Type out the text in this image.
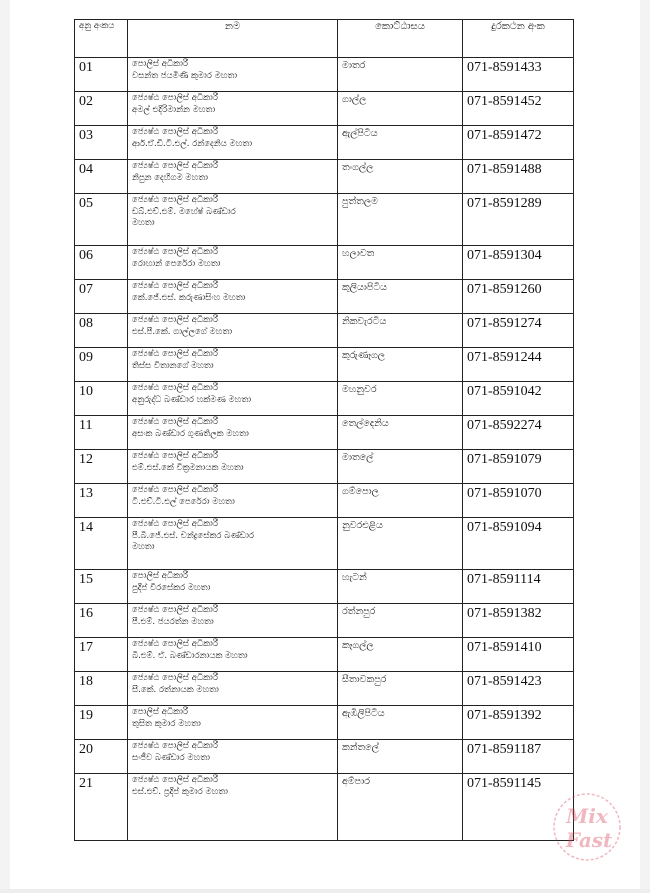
අනු අංකය	නම	කොට්ඨාසය	දුරකථන අංක

01	පොලිස් අධිකාරී
වසන්ත ජයමිණි කුමාර මහතා	මාතර	071-8591433
02	ජ්‍යෙෂ්ඨ පොලිස් අධිකාරී
අමල් එදිරිමාන්න මහතා	ගාල්ල	071-8591452
03	ජ්‍යෙෂ්ඨ පොලිස් අධිකාරී
ආර්.ඒ.ඩී.ටී.එල්. රන්දෙනිය මහතා	ඇල්පිටිය	071-8591472
04	ජ්‍යෙෂ්ඨ පොලිස් අධිකාරී
නිපුන දෙහිගම මහතා	තංගල්ල	071-8591488
05	ජ්‍යෙෂ්ඨ පොලිස් අධිකාරී
ඩබ්.එච්.එම්. මහේෂ් බණ්ඩාර
මහතා	පුත්තලම	071-8591289
06	ජ්‍යෙෂ්ඨ පොලිස් අධිකාරී
රොහාන් පෙරේරා මහතා	හලාවත	071-8591304
07	ජ්‍යෙෂ්ඨ පොලිස් අධිකාරී
කේ.ජේ.එස්. කරුණාසිංහ මහතා	කුලියාපිටිය	071-8591260
08	ජ්‍යෙෂ්ඨ පොලිස් අධිකාරී
එස්.පී.කේ. ගාල්ලගේ මහතා	නිකවැරටිය	071-8591274
09	ජ්‍යෙෂ්ඨ පොලිස් අධිකාරී
තිස්ස විතානගේ මහතා	කුරුණෑගල	071-8591244
10	ජ්‍යෙෂ්ඨ පොලිස් අධිකාරී
අනුරුද්ධ බණ්ඩාර හක්මණ මහතා	මහනුවර	071-8591042
11	ජ්‍යෙෂ්ඨ පොලිස් අධිකාරී
අසංක බණ්ඩාර ගුණතිලක මහතා	තෙල්දෙනිය	071-8592274
12	ජ්‍යෙෂ්ඨ පොලිස් අධිකාරී
එම්.එස්.කේ වික්‍රමනායක මහතා	මාතලේ	071-8591079
13	ජ්‍යෙෂ්ඨ පොලිස් අධිකාරී
ටී.එච්.ටී.එල් පෙරේරා මහතා	ගම්පොල	071-8591070
14	ජ්‍යෙෂ්ඨ පොලිස් අධිකාරී
පී.බී.ජේ.එස්. චන්ද්‍රසේකර බණ්ඩාර
මහතා	නුවරඑළිය	071-8591094
15	පොලිස් අධිකාරී
පුදීප් වීරසේකර මහතා	හැටන්	071-8591114
16	ජ්‍යෙෂ්ඨ පොලිස් අධිකාරී
පී.එම්. ජයරත්න මහතා	රත්නපුර	071-8591382
17	ජ්‍යෙෂ්ඨ පොලිස් අධිකාරී
බී.එම්. ඒ. බණ්ඩාරනායක මහතා	කෑගල්ල	071-8591410
18	ජ්‍යෙෂ්ඨ පොලිස් අධිකාරී
සී.කේ. රත්නායක මහතා	සීතාවකපුර	071-8591423
19	පොලිස් අධිකාරී
තුසිත කුමාර මහතා	ඇඹිලිපිටිය	071-8591392
20	ජ්‍යෙෂ්ඨ පොලිස් අධිකාරී
සංජීව බණ්ඩාර මහතා	කන්තලේ	071-8591187
21	ජ්‍යෙෂ්ඨ පොලිස් අධිකාරී
එස්.එච්. ප්‍රදීප් කුමාර මහතා	අම්පාර	071-8591145
Mix
Fast
